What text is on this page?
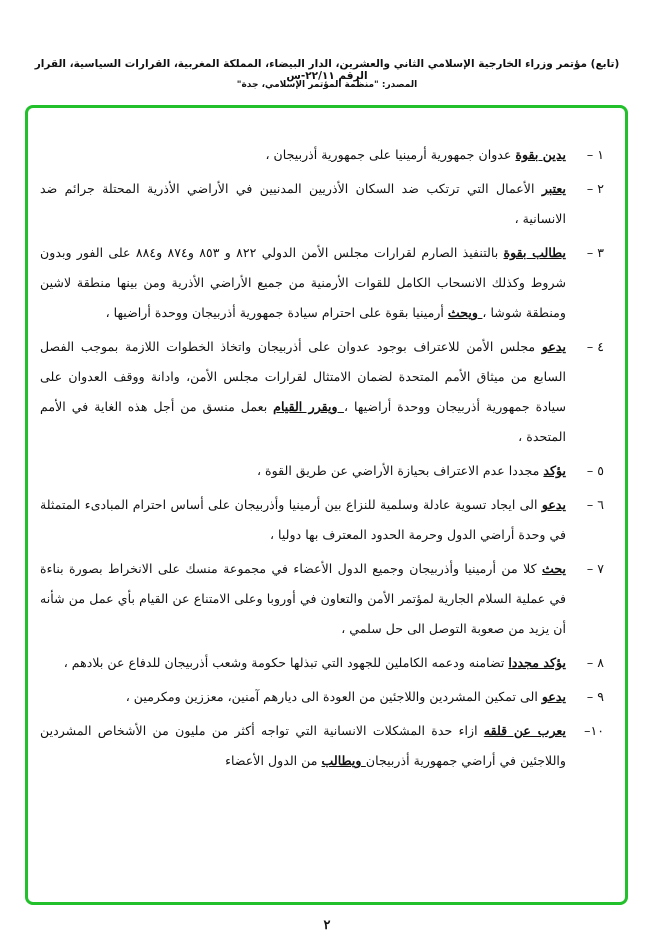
(تابع) مؤتمر وزراء الخارجية الإسلامي الثاني والعشرين، الدار البيضاء، المملكة المغربية، القرارات السياسية، القرار الرقم ٢٢/١١-س
المصدر: "منظمة المؤتمر الإسلامي، جدة"
١ –
يدين بقوة عدوان جمهورية أرمينيا على جمهورية أذربيجان ،
٢ –
يعتبر الأعمال التي ترتكب ضد السكان الأذريين المدنيين في الأراضي الأذرية المحتلة جرائم ضد الانسانية ،
٣ –
يطالب بقوة بالتنفيذ الصارم لقرارات مجلس الأمن الدولي ٨٢٢ و ٨٥٣ و٨٧٤ و٨٨٤ على الفور وبدون شروط وكذلك الانسحاب الكامل للقوات الأرمنية من جميع الأراضي الأذرية ومن بينها منطقة لاشين ومنطقة شوشا ، ويحث أرمينيا بقوة على احترام سيادة جمهورية أذربيجان ووحدة أراضيها ،
٤ –
يدعو مجلس الأمن للاعتراف بوجود عدوان على أذربيجان واتخاذ الخطوات اللازمة بموجب الفصل السابع من ميثاق الأمم المتحدة لضمان الامتثال لقرارات مجلس الأمن، وادانة ووقف العدوان على سيادة جمهورية أذربيجان ووحدة أراضيها ، ويقرر القيام بعمل منسق من أجل هذه الغاية في الأمم المتحدة ،
٥ –
يؤكد مجددا عدم الاعتراف بحيازة الأراضي عن طريق القوة ،
٦ –
يدعو الى ايجاد تسوية عادلة وسلمية للنزاع بين أرمينيا وأذربيجان على أساس احترام المبادىء المتمثلة في وحدة أراضي الدول وحرمة الحدود المعترف بها دوليا ،
٧ –
يحث كلا من أرمينيا وأذربيجان وجميع الدول الأعضاء في مجموعة منسك على الانخراط بصورة بناءة في عملية السلام الجارية لمؤتمر الأمن والتعاون في أوروبا وعلى الامتناع عن القيام بأي عمل من شأنه أن يزيد من صعوبة التوصل الى حل سلمي ،
٨ –
يؤكد مجددا تضامنه ودعمه الكاملين للجهود التي تبذلها حكومة وشعب أذربيجان للدفاع عن بلادهم ،
٩ –
يدعو الى تمكين المشردين واللاجئين من العودة الى ديارهم آمنين، معززين ومكرمين ،
١٠–
يعرب عن قلقه ازاء حدة المشكلات الانسانية التي تواجه أكثر من مليون من الأشخاص المشردين واللاجئين في أراضي جمهورية أذربيجان ويطالب من الدول الأعضاء
٢
